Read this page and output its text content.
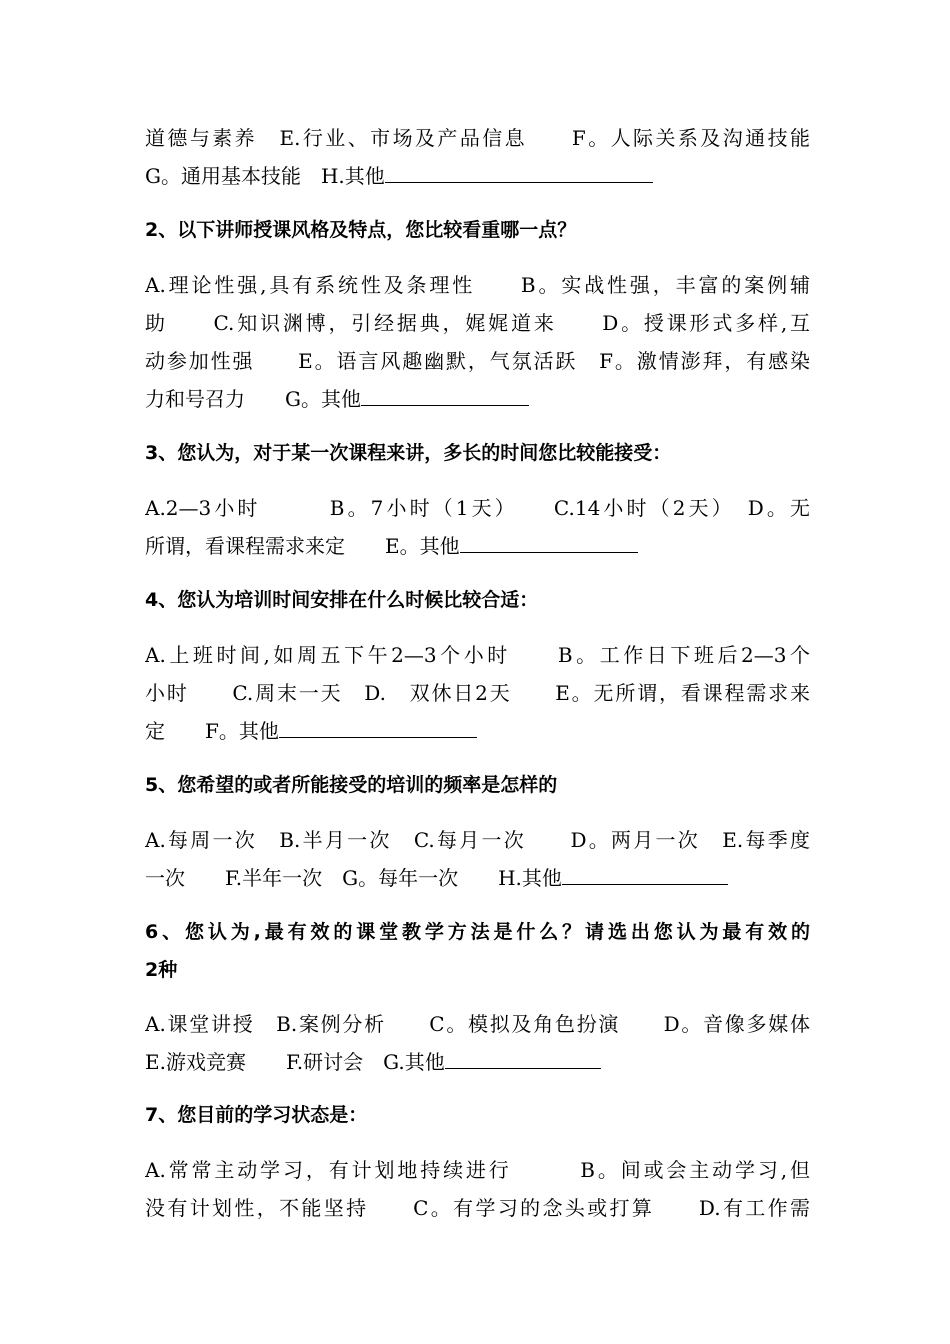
道德与素养　E.行业、市场及产品信息　　F。人际关系及沟通技能
G。通用基本技能　H.其他
2、以下讲师授课风格及特点，您比较看重哪一点？
A.理论性强,具有系统性及条理性　　B。实战性强，丰富的案例辅
助　　C.知识渊博，引经据典，娓娓道来　　D。授课形式多样,互
动参加性强　　E。语言风趣幽默，气氛活跃　F。激情澎拜，有感染
力和号召力　　G。其他
3、您认为，对于某一次课程来讲，多长的时间您比较能接受：
A.2—3小时　　　B。7小时（1天）　　C.14小时（2天）　D。无
所谓，看课程需求来定　　E。其他
4、您认为培训时间安排在什么时候比较合适：
A.上班时间,如周五下午2—3个小时　　B。工作日下班后2—3个
小时　　C.周末一天　D.　双休日2天　　E。无所谓，看课程需求来
定　　F。其他
5、您希望的或者所能接受的培训的频率是怎样的
A.每周一次　B.半月一次　C.每月一次　　D。两月一次　E.每季度
一次　　F.半年一次　G。每年一次　　H.其他
6、您认为,最有效的课堂教学方法是什么？请选出您认为最有效的
2种
A.课堂讲授　B.案例分析　　C。模拟及角色扮演　　D。音像多媒体
E.游戏竞赛　　F.研讨会　G.其他
7、您目前的学习状态是：
A.常常主动学习，有计划地持续进行　　　B。间或会主动学习,但
没有计划性，不能坚持　　C。有学习的念头或打算　　D.有工作需
